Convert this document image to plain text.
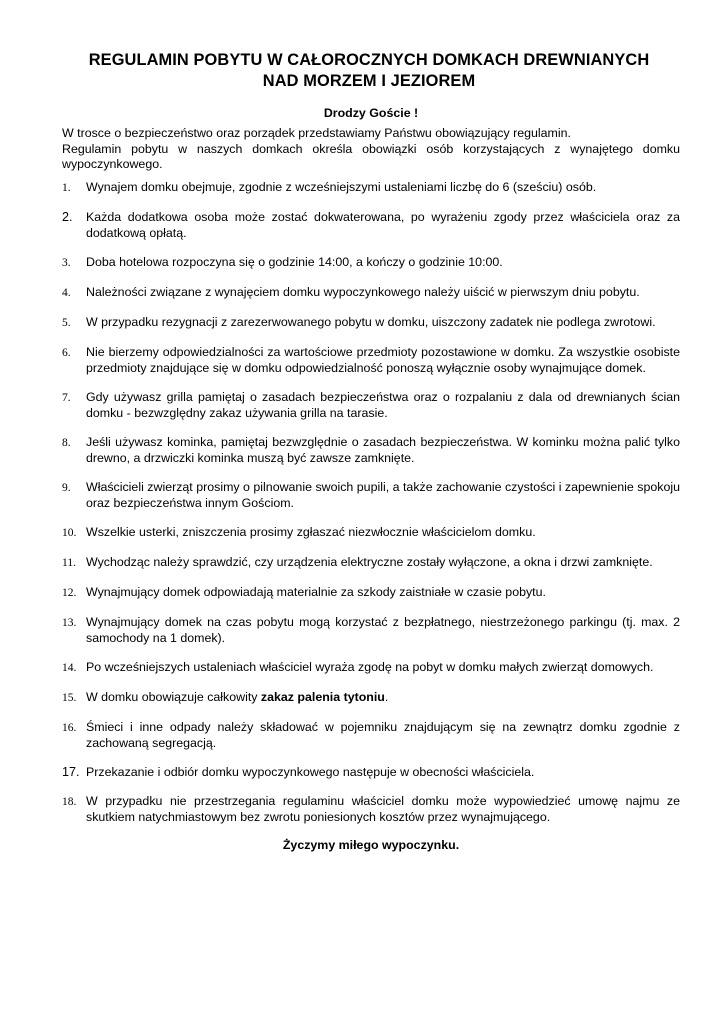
REGULAMIN POBYTU W CAŁOROCZNYCH DOMKACH DREWNIANYCH
NAD MORZEM I JEZIOREM
Drodzy Goście !

W trosce o bezpieczeństwo oraz porządek przedstawiamy Państwu obowiązujący regulamin.

Regulamin pobytu w naszych domkach określa obowiązki osób korzystających z wynajętego domku wypoczynkowego.

1.	Wynajem domku obejmuje, zgodnie z wcześniejszymi ustaleniami liczbę do 6 (sześciu) osób.
2.	Każda dodatkowa osoba może zostać dokwaterowana, po wyrażeniu zgody przez właściciela oraz za dodatkową opłatą.
3.	Doba hotelowa rozpoczyna się o godzinie 14:00, a kończy o godzinie 10:00.
4.	Należności związane z wynajęciem domku wypoczynkowego należy uiścić w pierwszym dniu pobytu.
5.	W przypadku rezygnacji z zarezerwowanego pobytu w domku, uiszczony zadatek nie podlega zwrotowi.
6.	Nie bierzemy odpowiedzialności za wartościowe przedmioty pozostawione w domku. Za wszystkie osobiste przedmioty znajdujące się w domku odpowiedzialność ponoszą wyłącznie osoby wynajmujące domek.
7.	Gdy używasz grilla pamiętaj o zasadach bezpieczeństwa oraz o rozpalaniu z dala od drewnianych ścian domku - bezwzględny zakaz używania grilla na tarasie.
8.	Jeśli używasz kominka, pamiętaj bezwzględnie o zasadach bezpieczeństwa. W kominku można palić tylko drewno, a drzwiczki kominka muszą być zawsze zamknięte.
9.	Właścicieli zwierząt prosimy o pilnowanie swoich pupili, a także zachowanie czystości i zapewnienie spokoju oraz bezpieczeństwa innym Gościom.
10. Wszelkie usterki, zniszczenia prosimy zgłaszać niezwłocznie właścicielom domku.
11. Wychodząc należy sprawdzić, czy urządzenia elektryczne zostały wyłączone, a okna i drzwi zamknięte.
12. Wynajmujący domek odpowiadają materialnie za szkody zaistniałe w czasie pobytu.
13. Wynajmujący domek na czas pobytu mogą korzystać z bezpłatnego, niestrzeżonego parkingu (tj. max. 2 samochody na 1 domek).
14. Po wcześniejszych ustaleniach właściciel wyraża zgodę na pobyt w domku małych zwierząt domowych.
15. W domku obowiązuje całkowity zakaz palenia tytoniu.
16. Śmieci i inne odpady należy składować w pojemniku znajdującym się na zewnątrz domku zgodnie z zachowaną segregacją.
17. Przekazanie i odbiór domku wypoczynkowego następuje w obecności właściciela.
18. W przypadku nie przestrzegania regulaminu właściciel domku może wypowiedzieć umowę najmu ze skutkiem natychmiastowym bez zwrotu poniesionych kosztów przez wynajmującego.
Życzymy miłego wypoczynku.
